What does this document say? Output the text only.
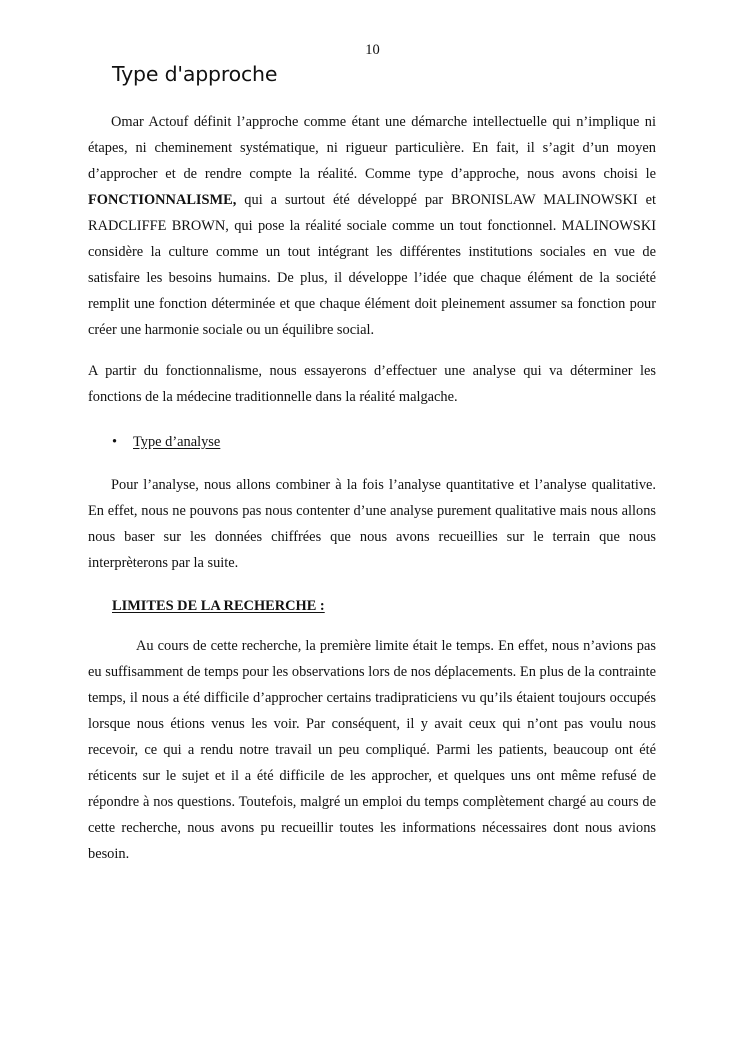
10
Type d'approche

Omar Actouf définit l’approche comme étant une démarche intellectuelle qui n’implique ni étapes, ni cheminement systématique, ni rigueur particulière. En fait, il s’agit d’un moyen d’approcher et de rendre compte la réalité. Comme type d’approche, nous avons choisi le FONCTIONNALISME, qui a surtout été développé par BRONISLAW MALINOWSKI et RADCLIFFE BROWN, qui pose la réalité sociale comme un tout fonctionnel. MALINOWSKI considère la culture comme un tout intégrant les différentes institutions sociales en vue de satisfaire les besoins humains. De plus, il développe l’idée que chaque élément de la société remplit une fonction déterminée et que chaque élément doit pleinement assumer sa fonction pour créer une harmonie sociale ou un équilibre social.

A partir du fonctionnalisme, nous essayerons d’effectuer une analyse qui va déterminer les fonctions de la médecine traditionnelle dans la réalité malgache.

• Type d’analyse

Pour l’analyse, nous allons combiner à la fois l’analyse quantitative et l’analyse qualitative. En effet, nous ne pouvons pas nous contenter d’une analyse purement qualitative mais nous allons nous baser sur les données chiffrées que nous avons recueillies sur le terrain que nous interprèterons par la suite.

LIMITES DE LA RECHERCHE :

Au cours de cette recherche, la première limite était le temps. En effet, nous n’avions pas eu suffisamment de temps pour les observations lors de nos déplacements. En plus de la contrainte temps, il nous a été difficile d’approcher certains tradipraticiens vu qu’ils étaient toujours occupés lorsque nous étions venus les voir. Par conséquent, il y avait ceux qui n’ont pas voulu nous recevoir, ce qui a rendu notre travail un peu compliqué. Parmi les patients, beaucoup ont été réticents sur le sujet et il a été difficile de les approcher, et quelques uns ont même refusé de répondre à nos questions. Toutefois, malgré un emploi du temps complètement chargé au cours de cette recherche, nous avons pu recueillir toutes les informations nécessaires dont nous avions besoin.
